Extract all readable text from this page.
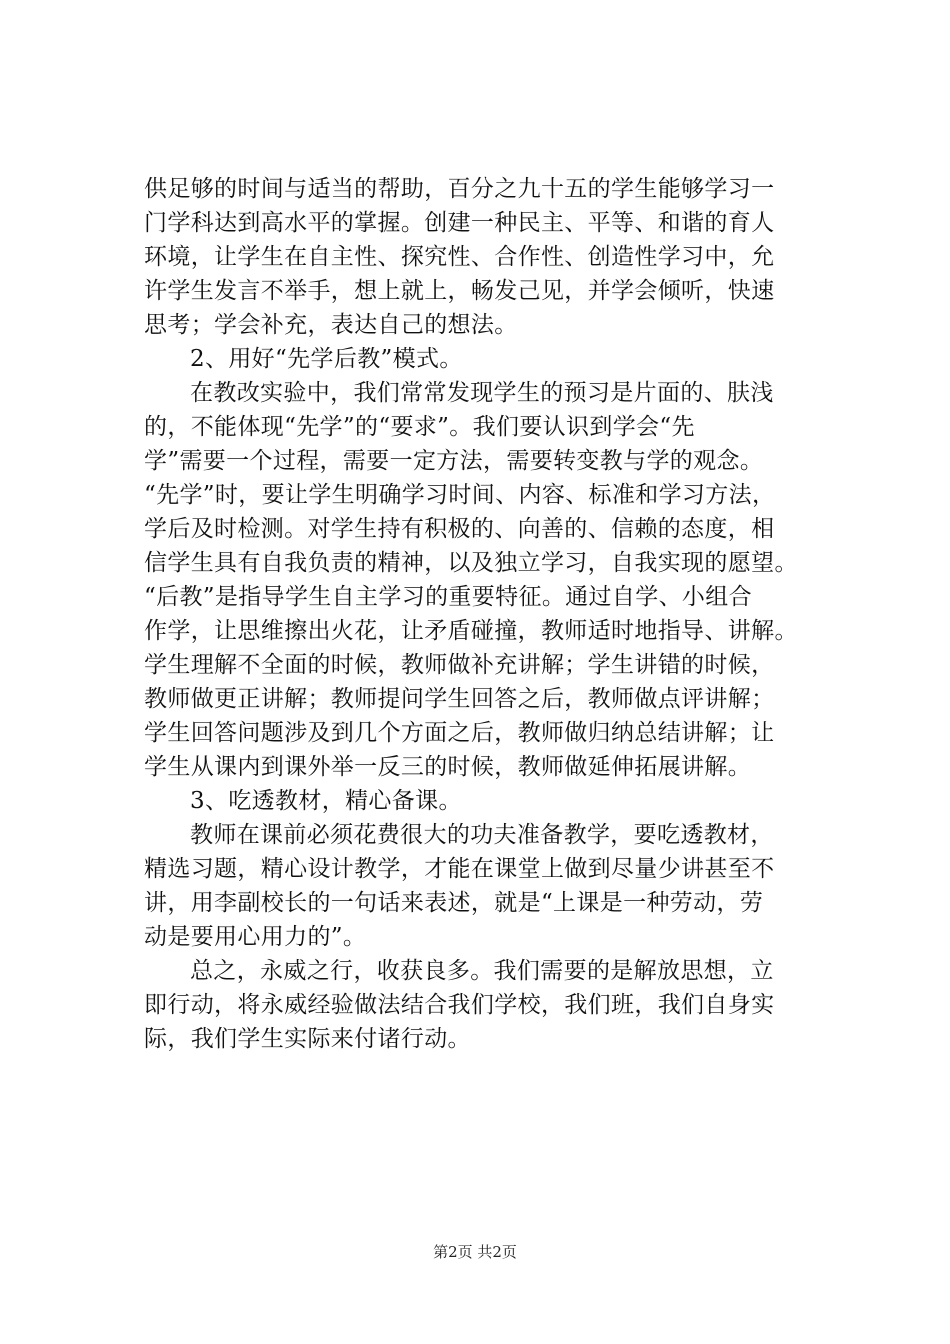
供足够的时间与适当的帮助，百分之九十五的学生能够学习一
门学科达到高水平的掌握。创建一种民主、平等、和谐的育人
环境，让学生在自主性、探究性、合作性、创造性学习中，允
许学生发言不举手，想上就上，畅发己见，并学会倾听，快速
思考；学会补充，表达自己的想法。
2、用好“先学后教”模式。
在教改实验中，我们常常发现学生的预习是片面的、肤浅
的，不能体现“先学”的“要求”。我们要认识到学会“先
学”需要一个过程，需要一定方法，需要转变教与学的观念。
“先学”时，要让学生明确学习时间、内容、标准和学习方法，
学后及时检测。对学生持有积极的、向善的、信赖的态度，相
信学生具有自我负责的精神，以及独立学习，自我实现的愿望。
“后教”是指导学生自主学习的重要特征。通过自学、小组合
作学，让思维擦出火花，让矛盾碰撞，教师适时地指导、讲解。
学生理解不全面的时候，教师做补充讲解；学生讲错的时候，
教师做更正讲解；教师提问学生回答之后，教师做点评讲解；
学生回答问题涉及到几个方面之后，教师做归纳总结讲解；让
学生从课内到课外举一反三的时候，教师做延伸拓展讲解。
3、吃透教材，精心备课。
教师在课前必须花费很大的功夫准备教学，要吃透教材，
精选习题，精心设计教学，才能在课堂上做到尽量少讲甚至不
讲，用李副校长的一句话来表述，就是“上课是一种劳动，劳
动是要用心用力的”。
总之，永威之行，收获良多。我们需要的是解放思想，立
即行动，将永威经验做法结合我们学校，我们班，我们自身实
际，我们学生实际来付诸行动。
第2页 共2页
